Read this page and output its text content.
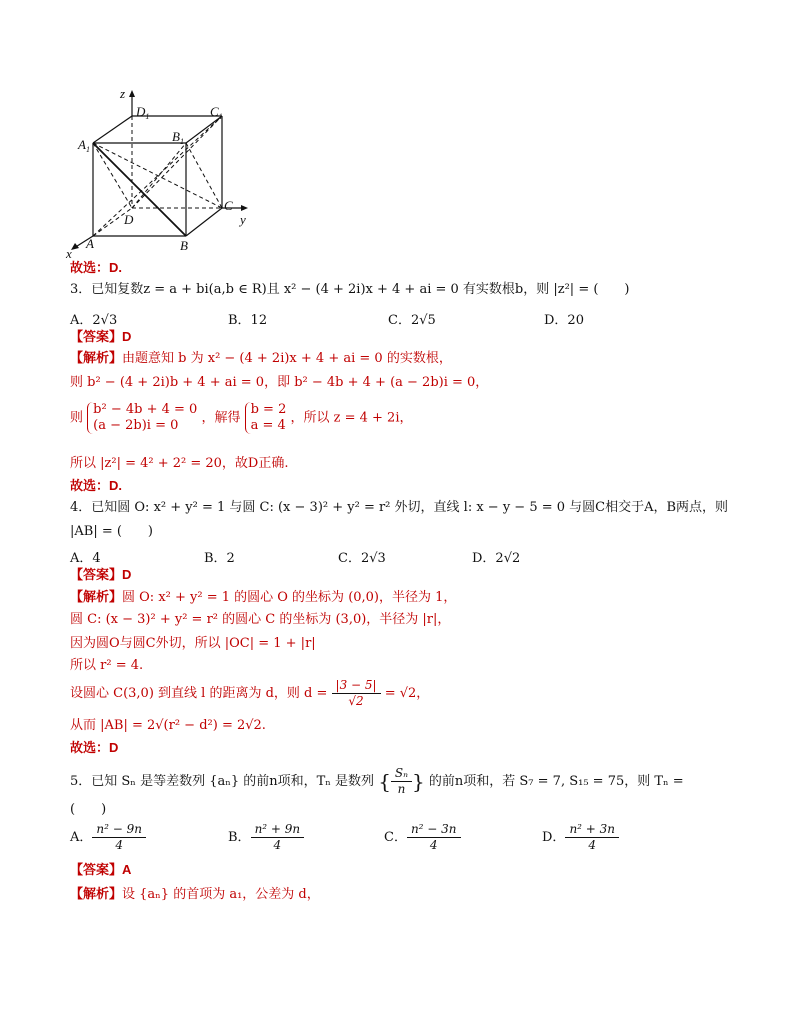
z
$D_1$	$C_1$
$A_1$
$B_1$
D
C
y
A	B
x
故选：D.
3．已知复数z = a + bi(a,b ∈ R)且 x² − (4 + 2i)x + 4 + ai = 0 有实数根b，则 |z²| = (　　)
A．2√3	B．12	C．2√5	D．20
【答案】D
【解析】由题意知 b 为 x² − (4 + 2i)x + 4 + ai = 0 的实数根，
则 b² − (4 + 2i)b + 4 + ai = 0，即 b² − 4b + 4 + (a − 2b)i = 0，
则
b² − 4b + 4 = 0
(a − 2b)i = 0	，解得
b = 2
a = 4 ，所以 z = 4 + 2i，
所以 |z²| = 4² + 2² = 20，故D正确.
故选：D.
4．已知圆 O: x² + y² = 1 与圆 C: (x − 3)² + y² = r² 外切，直线 l: x − y − 5 = 0 与圆C相交于A，B两点，则
|AB| = (　　)
A．4	B．2	C．2√3	D．2√2
【答案】D
【解析】圆 O: x² + y² = 1 的圆心 O 的坐标为 (0,0)，半径为 1，
圆 C: (x − 3)² + y² = r² 的圆心 C 的坐标为 (3,0)，半径为 |r|，
因为圆O与圆C外切，所以 |OC| = 1 + |r|
所以 r² = 4.
设圆心 C(3,0) 到直线 l 的距离为 d，则 $d = \frac{|3 - 5|}{√2} = √2$，
从而 |AB| = 2√(r² − d²) = 2√2.
故选：D
5．已知 Sₙ 是等差数列 {aₙ} 的前n项和，Tₙ 是数列 { $\frac{\text{Sₙ}}{n}$ } 的前n项和，若 S₇ = 7, S₁₅ = 75，则 Tₙ =
(　　)
A． $\frac{\text{n² − 9n}}{4}$	B． $\frac{\text{n² + 9n}}{4}$	C． $\frac{\text{n² − 3n}}{4}$	D． $\frac{\text{n² + 3n}}{4}$
【答案】A
【解析】设 {aₙ} 的首项为 a₁，公差为 d，
